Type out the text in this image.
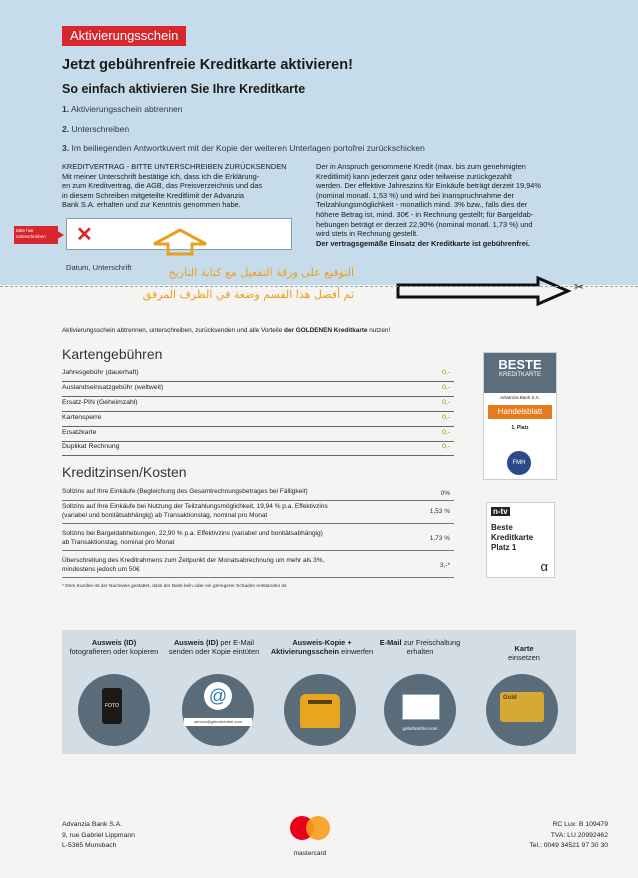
Aktivierungsschein
Jetzt gebührenfreie Kreditkarte aktivieren!
So einfach aktivieren Sie Ihre Kreditkarte
1. Aktivierungsschein abtrennen
2. Unterschreiben
3. Im beiliegenden Antwortkuvert mit der Kopie der weiteren Unterlagen portofrei zurückschicken
KREDITVERTRAG - BITTE UNTERSCHREIBEN ZURÜCKSENDEN
Mit meiner Unterschrift bestätige ich, dass ich die Erklärung-
en zum Kreditvertrag, die AGB, das Preisverzeichnis und das
in diesem Schreiben mitgeteilte Kreditlimit der Advanzia
Bank S.A. erhalten und zur Kenntnis genommen habe.
Der in Anspruch genommene Kredit (max. bis zum genehmigten
Kreditlimit) kann jederzeit ganz oder teilweise zurückgezahlt
werden. Der effektive Jahreszins für Einkäufe beträgt derzeit 19,94%
(nominal monatl. 1,53 %) und wird bei Inanspruchnahme der
Teilzahlungsmöglichkeit - monatlich mind. 3% bzw., falls dies der
höhere Betrag ist, mind. 30€ - in Rechnung gestellt; für Bargeldab-
hebungen beträgt er derzeit 22,90% (nominal monatl. 1,73 %) und
wird stets in Rechnung gestellt.
Der vertragsgemäße Einsatz der Kreditkarte ist gebührenfrei.
Bitte hier unterschreiben	✕
Datum, Unterschrift	التوقيع على ورقة التفعيل مع كتابة التاريخ
ثم أفصل هذا القسم وضعة في الظرف المرفق
✂
Aktivierungsschein abtrennen, unterschreiben, zurücksenden und alle Vorteile der GOLDENEN Kreditkarte nutzen!
Kartengebühren
Jahresgebühr (dauerhaft)	0,-
Auslandseinsatzgebühr (weltweit)	0,-
Ersatz-PIN (Geheimzahl)	0,-
Kartensperre	0,-
Ersatzkarte	0,-
Duplikat Rechnung	0,-
Kreditzinsen/Kosten
Sollzins auf Ihre Einkäufe (Begleichung des Gesamtrechnungsbetrages bei Fälligkeit)	0%
Sollzins auf Ihre Einkäufe bei Nutzung der Teilzahlungsmöglichkeit, 19,94 % p.a. Effektivzins
(variabel und bonitätsabhängig) ab Transaktionstag, nominal pro Monat	1,53 %
Sollzins bei Bargeldabhebungen, 22,90 % p.a. Effektivzins (variabel und bonitätsabhängig)
ab Transaktionstag, nominal pro Monat	1,73 %
Überschreitung des Kreditrahmens zum Zeitpunkt der Monatsabrechnung um mehr als 3%,
mindestens jedoch um 50€	3,-*
* Dem Kunden ist der Nachweis gestattet, dass der Bank kein oder ein geringerer Schaden entstanden ist.
BESTE
KREDITKARTE
Advanzia Bank S.A.
Handelsblatt
1. Platz
FMH
n-tv
Beste
Kreditkarte
Platz 1
α
Ausweis (ID)
fotografieren oder kopieren
Ausweis (ID) per E-Mail senden oder Kopie eintüten
Ausweis-Kopie + Aktivierungsschein einwerfen
E-Mail zur Freischaltung erhalten	Karte
einsetzen
FOTO	@
service@gebuhrenfrei.com
gebuhrenfrei.com
Gold
Advanzia Bank S.A.
9, rue Gabriel Lippmann
L-5365 Munsbach
mastercard
RC Lux: B 109479
TVA: LU 20992462
Tel.: 0049 34521 97 30 30
